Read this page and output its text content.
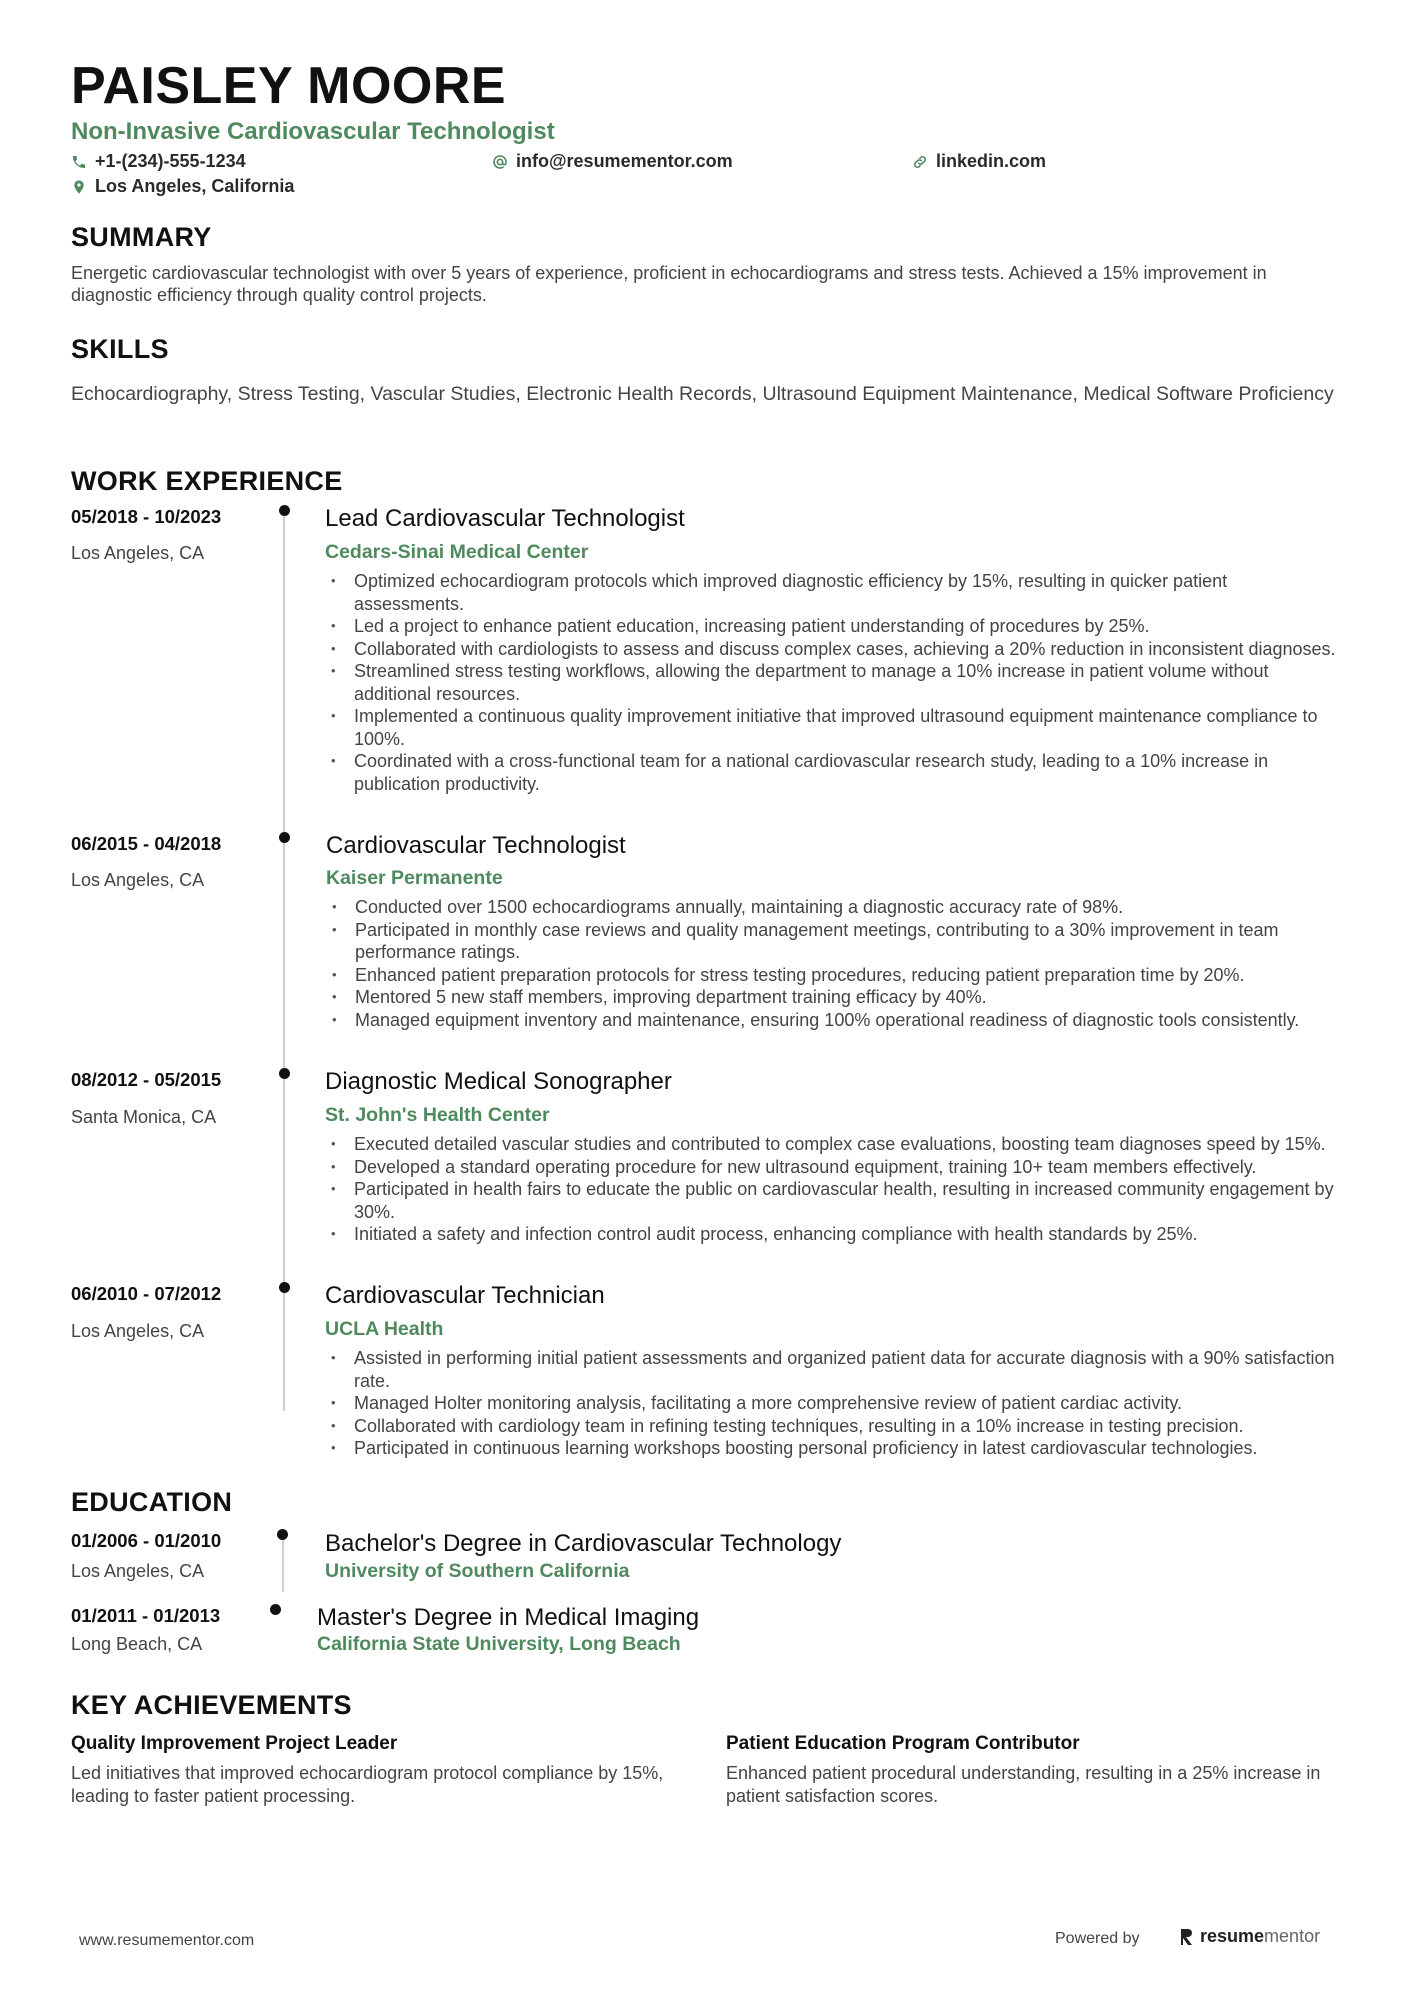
PAISLEY MOORE
Non-Invasive Cardiovascular Technologist
+1-(234)-555-1234	info@resumementor.com	linkedin.com
Los Angeles, California
SUMMARY
Energetic cardiovascular technologist with over 5 years of experience, proficient in echocardiograms and stress tests. Achieved a 15% improvement in diagnostic efficiency through quality control projects.
SKILLS
Echocardiography, Stress Testing, Vascular Studies, Electronic Health Records, Ultrasound Equipment Maintenance, Medical Software Proficiency
WORK EXPERIENCE
05/2018 - 10/2023
Los Angeles, CA
Lead Cardiovascular Technologist
Cedars-Sinai Medical Center
• Optimized echocardiogram protocols which improved diagnostic efficiency by 15%, resulting in quicker patient assessments.
• Led a project to enhance patient education, increasing patient understanding of procedures by 25%.
• Collaborated with cardiologists to assess and discuss complex cases, achieving a 20% reduction in inconsistent diagnoses.
• Streamlined stress testing workflows, allowing the department to manage a 10% increase in patient volume without additional resources.
• Implemented a continuous quality improvement initiative that improved ultrasound equipment maintenance compliance to 100%.
• Coordinated with a cross-functional team for a national cardiovascular research study, leading to a 10% increase in publication productivity.
06/2015 - 04/2018
Los Angeles, CA
Cardiovascular Technologist
Kaiser Permanente
• Conducted over 1500 echocardiograms annually, maintaining a diagnostic accuracy rate of 98%.
• Participated in monthly case reviews and quality management meetings, contributing to a 30% improvement in team performance ratings.
• Enhanced patient preparation protocols for stress testing procedures, reducing patient preparation time by 20%.
• Mentored 5 new staff members, improving department training efficacy by 40%.
• Managed equipment inventory and maintenance, ensuring 100% operational readiness of diagnostic tools consistently.
08/2012 - 05/2015
Santa Monica, CA
Diagnostic Medical Sonographer
St. John's Health Center
• Executed detailed vascular studies and contributed to complex case evaluations, boosting team diagnoses speed by 15%.
• Developed a standard operating procedure for new ultrasound equipment, training 10+ team members effectively.
• Participated in health fairs to educate the public on cardiovascular health, resulting in increased community engagement by 30%.
• Initiated a safety and infection control audit process, enhancing compliance with health standards by 25%.
06/2010 - 07/2012
Los Angeles, CA
Cardiovascular Technician
UCLA Health
• Assisted in performing initial patient assessments and organized patient data for accurate diagnosis with a 90% satisfaction rate.
• Managed Holter monitoring analysis, facilitating a more comprehensive review of patient cardiac activity.
• Collaborated with cardiology team in refining testing techniques, resulting in a 10% increase in testing precision.
• Participated in continuous learning workshops boosting personal proficiency in latest cardiovascular technologies.
EDUCATION
01/2006 - 01/2010
Los Angeles, CA
Bachelor's Degree in Cardiovascular Technology
University of Southern California
01/2011 - 01/2013
Long Beach, CA
Master's Degree in Medical Imaging
California State University, Long Beach
KEY ACHIEVEMENTS
Quality Improvement Project Leader
Led initiatives that improved echocardiogram protocol compliance by 15%, leading to faster patient processing.
Patient Education Program Contributor
Enhanced patient procedural understanding, resulting in a 25% increase in patient satisfaction scores.
www.resumementor.com	Powered by	resume mentor
